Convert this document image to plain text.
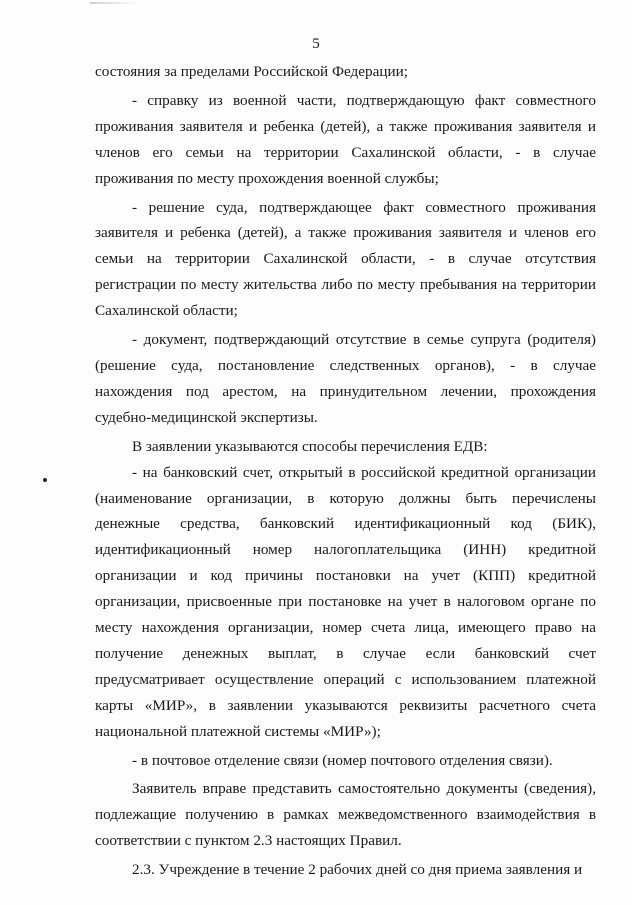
5

состояния за пределами Российской Федерации;

- справку из военной части, подтверждающую факт совместного проживания заявителя и ребенка (детей), а также проживания заявителя и членов его семьи на территории Сахалинской области, - в случае проживания по месту прохождения военной службы;

- решение суда, подтверждающее факт совместного проживания заявителя и ребенка (детей), а также проживания заявителя и членов его семьи на территории Сахалинской области, - в случае отсутствия регистрации по месту жительства либо по месту пребывания на территории Сахалинской области;

- документ, подтверждающий отсутствие в семье супруга (родителя) (решение суда, постановление следственных органов), - в случае нахождения под арестом, на принудительном лечении, прохождения судебно-медицинской экспертизы.

В заявлении указываются способы перечисления ЕДВ:

- на банковский счет, открытый в российской кредитной организации (наименование организации, в которую должны быть перечислены денежные средства, банковский идентификационный код (БИК), идентификационный номер налогоплательщика (ИНН) кредитной организации и код причины постановки на учет (КПП) кредитной организации, присвоенные при постановке на учет в налоговом органе по месту нахождения организации, номер счета лица, имеющего право на получение денежных выплат, в случае если банковский счет предусматривает осуществление операций с использованием платежной карты «МИР», в заявлении указываются реквизиты расчетного счета национальной платежной системы «МИР»);

- в почтовое отделение связи (номер почтового отделения связи).

Заявитель вправе представить самостоятельно документы (сведения), подлежащие получению в рамках межведомственного взаимодействия в соответствии с пунктом 2.3 настоящих Правил.

2.3. Учреждение в течение 2 рабочих дней со дня приема заявления и
